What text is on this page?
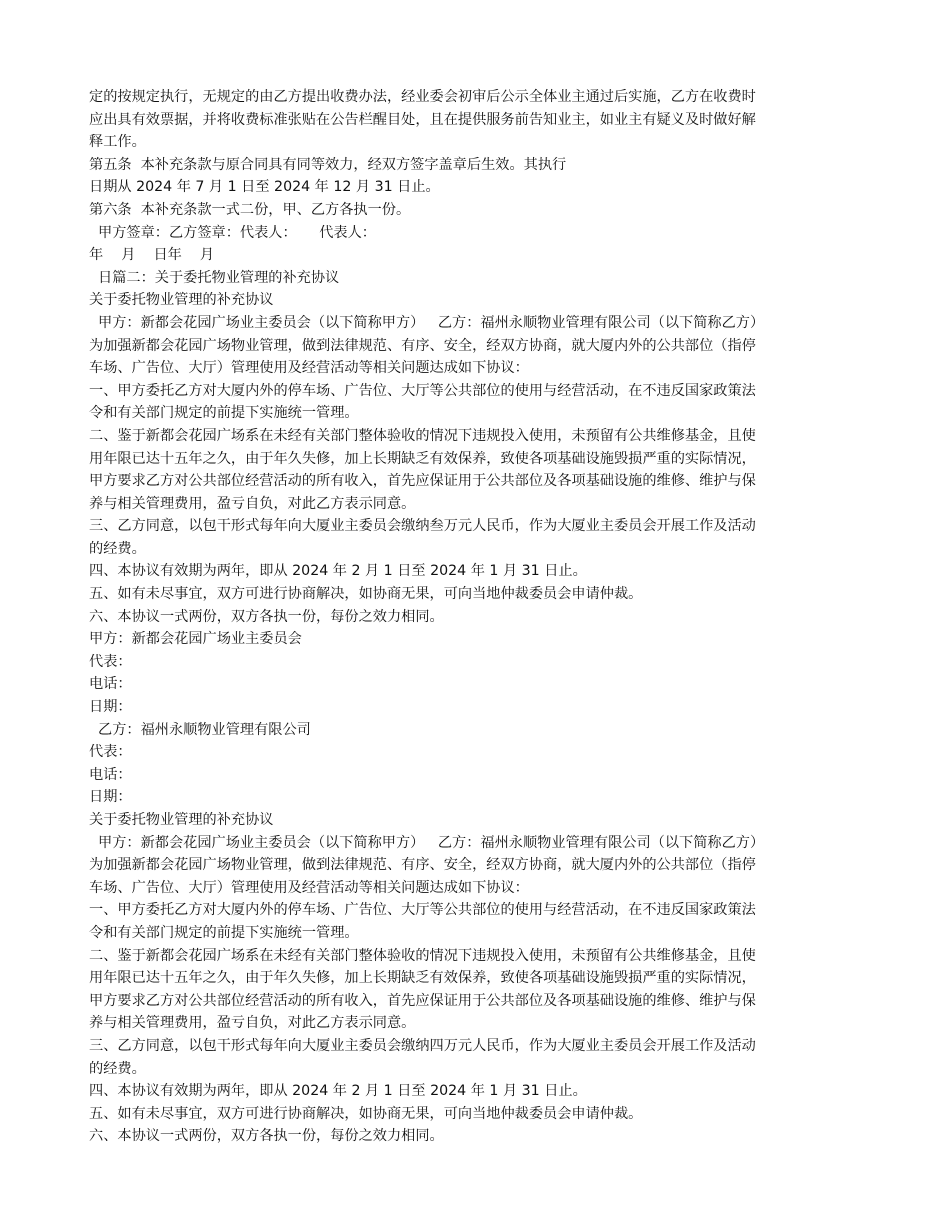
定的按规定执行，无规定的由乙方提出收费办法，经业委会初审后公示全体业主通过后实施，乙方在收费时

应出具有效票据，并将收费标准张贴在公告栏醒目处，且在提供服务前告知业主，如业主有疑义及时做好解

释工作。

第五条  本补充条款与原合同具有同等效力，经双方签字盖章后生效。其执行

日期从 2024 年 7 月 1 日至 2024 年 12 月 31 日止。

第六条  本补充条款一式二份，甲、乙方各执一份。

甲方签章：乙方签章：代表人：     代表人：

年    月    日年    月

日篇二：关于委托物业管理的补充协议

关于委托物业管理的补充协议

甲方：新都会花园广场业主委员会（以下简称甲方）   乙方：福州永顺物业管理有限公司（以下简称乙方）

为加强新都会花园广场物业管理，做到法律规范、有序、安全，经双方协商，就大厦内外的公共部位（指停

车场、广告位、大厅）管理使用及经营活动等相关问题达成如下协议：

一、甲方委托乙方对大厦内外的停车场、广告位、大厅等公共部位的使用与经营活动，在不违反国家政策法

令和有关部门规定的前提下实施统一管理。

二、鉴于新都会花园广场系在未经有关部门整体验收的情况下违规投入使用，未预留有公共维修基金，且使

用年限已达十五年之久，由于年久失修，加上长期缺乏有效保养，致使各项基础设施毁损严重的实际情况，

甲方要求乙方对公共部位经营活动的所有收入，首先应保证用于公共部位及各项基础设施的维修、维护与保

养与相关管理费用，盈亏自负，对此乙方表示同意。

三、乙方同意，以包干形式每年向大厦业主委员会缴纳叁万元人民币，作为大厦业主委员会开展工作及活动

的经费。

四、本协议有效期为两年，即从 2024 年 2 月 1 日至 2024 年 1 月 31 日止。

五、如有未尽事宜，双方可进行协商解决，如协商无果，可向当地仲裁委员会申请仲裁。

六、本协议一式两份，双方各执一份，每份之效力相同。

甲方：新都会花园广场业主委员会

代表：

电话：

日期：

乙方：福州永顺物业管理有限公司

代表：

电话：

日期：

关于委托物业管理的补充协议

甲方：新都会花园广场业主委员会（以下简称甲方）   乙方：福州永顺物业管理有限公司（以下简称乙方）

为加强新都会花园广场物业管理，做到法律规范、有序、安全，经双方协商，就大厦内外的公共部位（指停

车场、广告位、大厅）管理使用及经营活动等相关问题达成如下协议：

一、甲方委托乙方对大厦内外的停车场、广告位、大厅等公共部位的使用与经营活动，在不违反国家政策法

令和有关部门规定的前提下实施统一管理。

二、鉴于新都会花园广场系在未经有关部门整体验收的情况下违规投入使用，未预留有公共维修基金，且使

用年限已达十五年之久，由于年久失修，加上长期缺乏有效保养，致使各项基础设施毁损严重的实际情况，

甲方要求乙方对公共部位经营活动的所有收入，首先应保证用于公共部位及各项基础设施的维修、维护与保

养与相关管理费用，盈亏自负，对此乙方表示同意。

三、乙方同意，以包干形式每年向大厦业主委员会缴纳四万元人民币，作为大厦业主委员会开展工作及活动

的经费。

四、本协议有效期为两年，即从 2024 年 2 月 1 日至 2024 年 1 月 31 日止。

五、如有未尽事宜，双方可进行协商解决，如协商无果，可向当地仲裁委员会申请仲裁。

六、本协议一式两份，双方各执一份，每份之效力相同。
